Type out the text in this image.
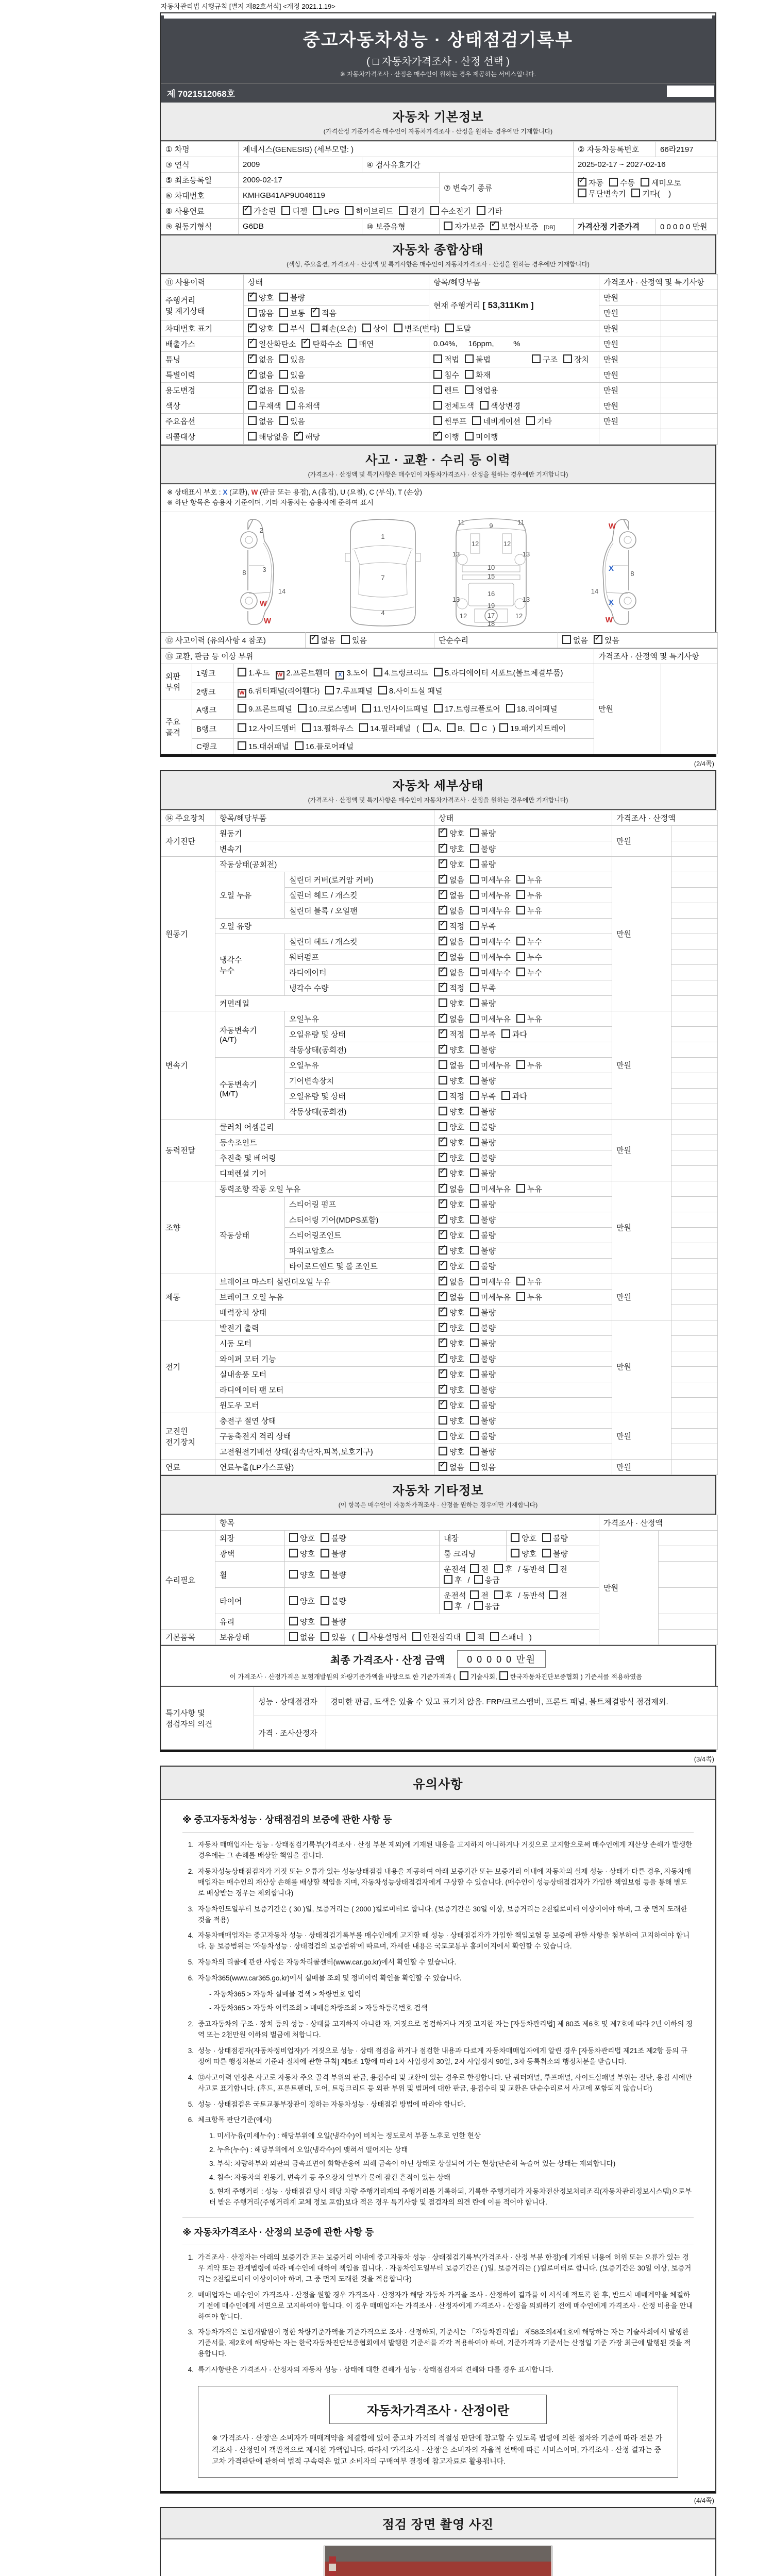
자동차관리법 시행규칙 [별지 제82호서식] <개정 2021.1.19>
중고자동차성능 · 상태점검기록부
( □ 자동차가격조사 · 산정 선택 )
※ 자동차가격조사 · 산정은 매수인이 원하는 경우 제공하는 서비스입니다.
제 7021512068호
자동차 기본정보
(가격산정 기준가격은 매수인이 자동차가격조사 · 산정을 원하는 경우에만 기재합니다)
① 차명	제네시스(GENESIS) (세부모델: )			② 자동차등록번호	66라2197
③ 연식	2009	④ 검사유효기간		2025-02-17 ~ 2027-02-16	
⑤ 최초등록일	2009-02-17		⑦ 변속기 종류	✓자동 수동 세미오토무단변속기 기타(    )
⑥ 차대번호	KMHGB41AP9U046119				
⑧ 사용연료	✓가솔린 디젤 LPG 하이브리드 전기 수소전기 기타
⑨ 원동기형식	G6DB	⑩ 보증유형	자가보증 ✓ 보험사보증 [DB]	가격산정 기준가격	0 0 0 0 0 만원
자동차 종합상태
(색상, 주요옵션, 가격조사 · 산정액 및 특기사항은 매수인이 자동차가격조사 · 산정을 원하는 경우에만 기재합니다)
⑪ 사용이력	상태	항목/해당부품	가격조사 · 산정액 및 특기사항	
주행거리
및 계기상태	✓양호 불량	현재 주행거리 [ 53,311Km ]	만원	
	많음 보통 ✓ 적음		만원	
차대번호 표기	✓양호 부식 훼손(오손) 상이 변조(변타) 도말		만원	
배출가스	✓일산화탄소 ✓ 탄화수소 매연	0.04%,     16ppm,         %	만원	
튜닝	✓없음 있음	적법 불법 구조 장치	만원	
특별이력	✓없음 있음	침수 화재	만원	
용도변경	✓없음 있음	렌트 영업용	만원	
색상	무채색 유채색	전체도색 색상변경	만원	
주요옵션	없음 있음	썬루프 네비게이션 기타	만원	
리콜대상	해당없음 ✓ 해당	✓이행 미이행		
사고 · 교환 · 수리 등 이력
(가격조사 · 산정액 및 특기사항은 매수인이 자동차가격조사 · 산정을 원하는 경우에만 기재합니다)
※ 상태표시 부호 : X (교환), W (판금 또는 용접), A (흠집), U (요철), C (부식), T (손상)
※ 하단 항목은 승용차 기준이며, 기타 자동차는 승용차에 준하여 표시
2
8 3
14
W
W
1
7
4
9
11	11
12	12
13	13
10
15
16
13	13
19
12	12
17
18
W
X
8
14
X
W
⑫ 사고이력 (유의사항 4 참조)	✓없음 있음	단순수리	없음 ✓ 있음
⑬ 교환, 판금 등 이상 부위			가격조사 · 산정액 및 특기사항	
외판
부위	1랭크	1.후드 W 2.프론트휀더 X 3.도어 4.트렁크리드 5.라디에이터 서포트(볼트체결부품)	만원	
	2랭크	W 6.쿼터패널(리어휀다) 7.루프패널 8.사이드실 패널		
주요
골격	A랭크	9.프론트패널 10.크로스멤버 11.인사이드패널 17.트렁크플로어 18.리어패널		
	B랭크	12.사이드멤버 13.휠하우스 14.필러패널 ( A, B, C ) 19.패키지트레이		
	C랭크	15.대쉬패널 16.플로어패널		
(2/4쪽)
자동차 세부상태
(가격조사 · 산정액 및 특기사항은 매수인이 자동차가격조사 · 산정을 원하는 경우에만 기재합니다)
⑭ 주요장치	항목/해당부품		상태	가격조사 · 산정액	
자기진단	원동기	✓양호 불량	만원	
	변속기	✓양호 불량	
원동기	작동상태(공회전)	✓양호 불량	만원	
	오일 누유	실린더 커버(로커암 커버)	✓없음 미세누유 누유	
		실린더 헤드 / 개스킷	✓없음 미세누유 누유	
		실린더 블록 / 오일팬	✓없음 미세누유 누유	
	오일 유량	✓적정 부족	
	냉각수
누수	실린더 헤드 / 개스킷	✓없음 미세누수 누수	
		워터펌프	✓없음 미세누수 누수	
		라디에이터	✓없음 미세누수 누수	
		냉각수 수량	✓적정 부족	
	커먼레일		양호 불량		
변속기	자동변속기
(A/T)	오일누유	✓없음 미세누유 누유	만원	
		오일유량 및 상태	✓적정 부족 과다	
		작동상태(공회전)	✓양호 불량	
	수동변속기
(M/T)	오일누유	없음 미세누유 누유		
		기어변속장치	양호 불량		
		오일유량 및 상태	적정 부족 과다		
		작동상태(공회전)	양호 불량		
동력전달	클러치 어셈블리		양호 불량	만원	
	등속조인트	✓양호 불량	
	추진축 및 베어링	✓양호 불량	
	디퍼렌셜 기어	✓양호 불량	
조향	동력조향 작동 오일 누유	✓없음 미세누유 누유	만원	
	작동상태	스티어링 펌프	✓양호 불량	
		스티어링 기어(MDPS포함)	✓양호 불량	
		스티어링조인트	✓양호 불량	
		파워고압호스	✓양호 불량	
		타이로드엔드 및 볼 조인트	✓양호 불량	
제동	브레이크 마스터 실린더오일 누유	✓없음 미세누유 누유	만원	
	브레이크 오일 누유	✓없음 미세누유 누유	
	배력장치 상태	✓양호 불량	
전기	발전기 출력	✓양호 불량	만원	
	시동 모터	✓양호 불량	
	와이퍼 모터 기능	✓양호 불량	
	실내송풍 모터	✓양호 불량	
	라디에이터 팬 모터	✓양호 불량	
	윈도우 모터	✓양호 불량	
고전원
전기장치	충전구 절연 상태		양호 불량	만원	
	구동축전지 격리 상태		양호 불량		
	고전원전기배선 상태(접속단자,피복,보호기구)		양호 불량		
연료	연료누출(LP가스포함)	✓없음 있음	만원	
자동차 기타정보
(이 항목은 매수인이 자동차가격조사 · 산정을 원하는 경우에만 기재합니다)
	항목				가격조사 · 산정액	
수리필요	외장	양호 불량	내장	양호 불량	만원	
	광택	양호 불량	룸 크리닝	양호 불량		
	휠	양호 불량	운전석 전 후 / 동반석 전후 / 응급			
	타이어	양호 불량	운전석 전 후 / 동반석 전후 / 응급			
	유리	양호 불량				
기본품목	보유상태	없음 있음 ( 사용설명서 안전삼각대 잭 스패너 )				
최종 가격조사 · 산정 금액	0 0 0 0 0 만원
이 가격조사 · 산정가격은 보험개발원의 차량기준가액을 바탕으로 한 기준가격과 ( 기술사회, 한국자동차진단보증협회 ) 기준서를 적용하였음
특기사항 및
점검자의 의견	성능 · 상태점검자	경미한 판금, 도색은 있을 수 있고 표기치 않음. FRP/크로스멤버, 프론트 패널, 볼트체결방식 점검제외.
	가격 · 조사산정자	
(3/4쪽)
유의사항
※ 중고자동차성능 · 상태점검의 보증에 관한 사항 등
1. 자동차 매매업자는 성능 · 상태점검기록부(가격조사 · 산정 부분 제외)에 기재된 내용을 고지하지 아니하거나 거짓으로 고지함으로써 매수인에게 재산상 손해가 발생한 경우에는 그 손해를 배상할 책임을 집니다.
2. 자동차성능상태점검자가 거짓 또는 오류가 있는 성능상태점검 내용을 제공하여 아래 보증기간 또는 보증거리 이내에 자동차의 실제 성능 · 상태가 다른 경우, 자동차매매업자는 매수인의 재산상 손해를 배상할 책임을 지며, 자동차성능상태점검자에게 구상할 수 있습니다. (매수인이 성능상태점검자가 가입한 책임보험 등을 통해 별도로 배상받는 경우는 제외합니다)
3. 자동차인도일부터 보증기간은 ( 30 )일, 보증거리는 ( 2000 )킬로미터로 합니다. (보증기간은 30일 이상, 보증거리는 2천킬로미터 이상이어야 하며, 그 중 먼저 도래한 것을 적용)
4. 자동차매매업자는 중고자동차 성능 · 상태점검기록부를 매수인에게 고지할 때 성능 · 상태점검자가 가입한 책임보험 등 보증에 관한 사항을 첨부하여 고지하여야 합니다. 동 보증범위는 '자동차성능 · 상태점검의 보증범위'에 따르며, 자세한 내용은 국토교통부 홈페이지에서 확인할 수 있습니다.
5. 자동차의 리콜에 관한 사항은 자동차리콜센터(www.car.go.kr)에서 확인할 수 있습니다.
6. 자동차365(www.car365.go.kr)에서 실매물 조회 및 정비이력 확인을 확인할 수 있습니다.
- 자동차365 > 자동차 실매물 검색 > 차량번호 입력
- 자동차365 > 자동차 이력조회 > 매매용차량조회 > 자동차등록번호 검색
2. 중고자동차의 구조 · 장치 등의 성능 · 상태를 고지하지 아니한 자, 거짓으로 점검하거나 거짓 고지한 자는 [자동차관리법] 제 80조 제6호 및 제7호에 따라 2년 이하의 징역 또는 2천만원 이하의 벌금에 처합니다.
3. 성능 · 상태점검자(자동차정비업자)가 거짓으로 성능 · 상태 점검을 하거나 점검한 내용과 다르게 자동차매매업자에게 알린 경우 [자동차관리법 제21조 제2항 등의 규정에 따른 행정처분의 기준과 절차에 관한 규칙] 제5조 1항에 따라 1차 사업정지 30일, 2차 사업정지 90일, 3차 등록취소의 행정처분을 받습니다.
4. ⑫사고이력 인정은 사고로 자동차 주요 골격 부위의 판금, 용접수리 및 교환이 있는 경우로 한정합니다. 단 쿼터패널, 루프패널, 사이드실패널 부위는 절단, 용접 시에만 사고로 표기합니다. (후드, 프론트펜더, 도어, 트렁크리드 등 외판 부위 및 범퍼에 대한 판금, 용접수리 및 교환은 단순수리로서 사고에 포함되지 않습니다)
5. 성능 · 상태점검은 국토교통부장관이 정하는 자동차성능 · 상태점검 방법에 따라야 합니다.
6. 체크항목 판단기준(예시)
1. 미세누유(미세누수) : 해당부위에 오일(냉각수)이 비치는 정도로서 부품 노후로 인한 현상
2. 누유(누수) : 해당부위에서 오일(냉각수)이 맺혀서 떨어지는 상태
3. 부식: 차량하부와 외판의 금속표면이 화학반응에 의해 금속이 아닌 상태로 상실되어 가는 현상(단순히 녹슬어 있는 상태는 제외합니다)
4. 침수: 자동차의 원동기, 변속기 등 주요장치 일부가 물에 잠긴 흔적이 있는 상태
5. 현재 주행거리 : 성능 · 상태점검 당시 해당 차량 주행거리계의 주행거리를 기록하되, 기록한 주행거리가 자동차전산정보처리조직(자동차관리정보시스템)으로부터 받은 주행거리(주행거리계 교체 정보 포함)보다 적은 경우 특기사항 및 점검자의 의견 란에 이를 적어야 합니다.
※ 자동차가격조사 · 산정의 보증에 관한 사항 등
1. 가격조사 · 산정자는 아래의 보증기간 또는 보증거리 이내에 중고자동차 성능 · 상태점검기록부(가격조사 · 산정 부분 한정)에 기재된 내용에 허위 또는 오류가 있는 경우 계약 또는 관계법령에 따라 매수인에 대하여 책임을 집니다. · 자동차인도일부터 보증기간은 ( )일, 보증거리는 ( )킬로미터로 합니다. (보증기간은 30일 이상, 보증거리는 2천킬로미터 이상이어야 하며, 그 중 먼저 도래한 것을 적용합니다)
2. 매매업자는 매수인이 가격조사 · 산정을 원할 경우 가격조사 · 산정자가 해당 자동차 가격을 조사 · 산정하여 결과를 이 서식에 적도록 한 후, 반드시 매매계약을 체결하기 전에 매수인에게 서면으로 고지하여야 합니다. 이 경우 매매업자는 가격조사 · 산정자에게 가격조사 · 산정을 의뢰하기 전에 매수인에게 가격조사 · 산정 비용을 안내하여야 합니다.
3. 자동차가격은 보험개발원이 정한 차량기준가액을 기준가격으로 조사 · 산정하되, 기준서는 「자동차관리법」 제58조의4제1호에 해당하는 자는 기술사회에서 발행한 기준서를, 제2호에 해당하는 자는 한국자동차진단보증협회에서 발행한 기준서를 각각 적용하여야 하며, 기준가격과 기준서는 산정일 기준 가장 최근에 발행된 것을 적용합니다.
4. 특기사항란은 가격조사 · 산정자의 자동차 성능 · 상태에 대한 견해가 성능 · 상태점검자의 견해와 다를 경우 표시합니다.
자동차가격조사 · 산정이란
※ '가격조사 · 산정'은 소비자가 매매계약을 체결함에 있어 중고차 가격의 적절성 판단에 참고할 수 있도록 법령에 의한 절차와 기준에 따라 전문 가격조사 · 산정인이 객관적으로 제시한 가액입니다. 따라서 '가격조사 · 산정'은 소비자의 자율적 선택에 따른 서비스이며, 가격조사 · 산정 결과는 중고차 가격판단에 관하여 법적 구속력은 없고 소비자의 구매여부 결정에 참고자료로 활용됩니다.
(4/4쪽)
점검 장면 촬영 사진
